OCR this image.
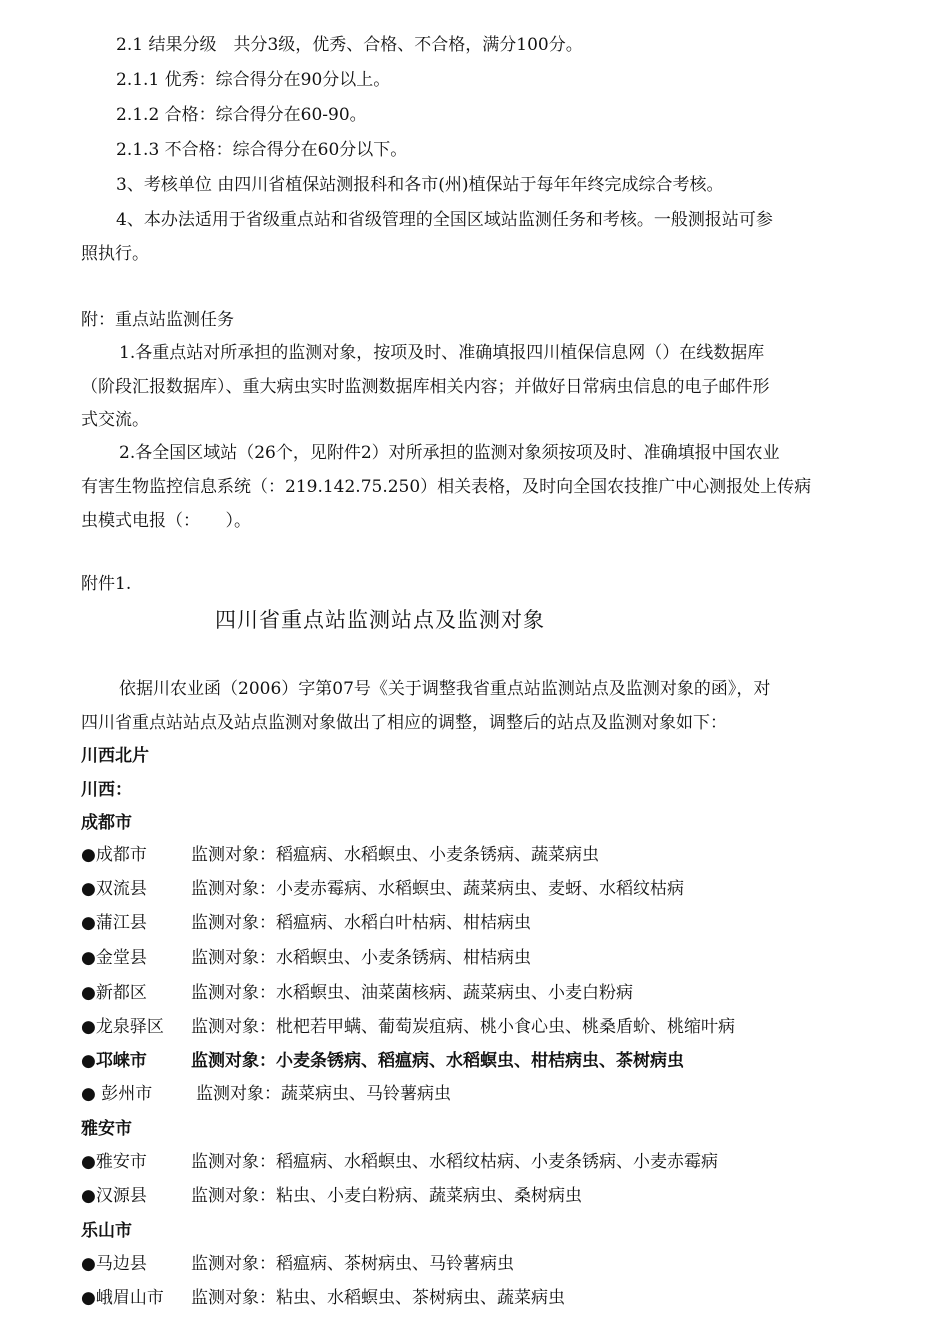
2.1 结果分级　共分3级，优秀、合格、不合格，满分100分。
2.1.1 优秀：综合得分在90分以上。
2.1.2 合格：综合得分在60-90。
2.1.3 不合格：综合得分在60分以下。
3、考核单位 由四川省植保站测报科和各市(州)植保站于每年年终完成综合考核。
4、本办法适用于省级重点站和省级管理的全国区域站监测任务和考核。一般测报站可参
照执行。
附：重点站监测任务
1.各重点站对所承担的监测对象，按项及时、准确填报四川植保信息网（）在线数据库
（阶段汇报数据库）、重大病虫实时监测数据库相关内容；并做好日常病虫信息的电子邮件形
式交流。
2.各全国区域站（26个，见附件2）对所承担的监测对象须按项及时、准确填报中国农业
有害生物监控信息系统（：219.142.75.250）相关表格，及时向全国农技推广中心测报处上传病
虫模式电报（：　　）。
附件1.
四川省重点站监测站点及监测对象
依据川农业函（2006）字第07号《关于调整我省重点站监测站点及监测对象的函》，对
四川省重点站站点及站点监测对象做出了相应的调整，调整后的站点及监测对象如下：
川西北片
川西：
成都市
●成都市	监测对象：稻瘟病、水稻螟虫、小麦条锈病、蔬菜病虫
●双流县	监测对象：小麦赤霉病、水稻螟虫、蔬菜病虫、麦蚜、水稻纹枯病
●蒲江县	监测对象：稻瘟病、水稻白叶枯病、柑桔病虫
●金堂县	监测对象：水稻螟虫、小麦条锈病、柑桔病虫
●新都区	监测对象：水稻螟虫、油菜菌核病、蔬菜病虫、小麦白粉病
●龙泉驿区 监测对象：枇杷若甲螨、葡萄炭疽病、桃小食心虫、桃桑盾蚧、桃缩叶病
●邛崃市	监测对象：小麦条锈病、稻瘟病、水稻螟虫、柑桔病虫、茶树病虫
● 彭州市	监测对象：蔬菜病虫、马铃薯病虫
雅安市
●雅安市	监测对象：稻瘟病、水稻螟虫、水稻纹枯病、小麦条锈病、小麦赤霉病
●汉源县	监测对象：粘虫、小麦白粉病、蔬菜病虫、桑树病虫
乐山市
●马边县	监测对象：稻瘟病、茶树病虫、马铃薯病虫
●峨眉山市 监测对象：粘虫、水稻螟虫、茶树病虫、蔬菜病虫
